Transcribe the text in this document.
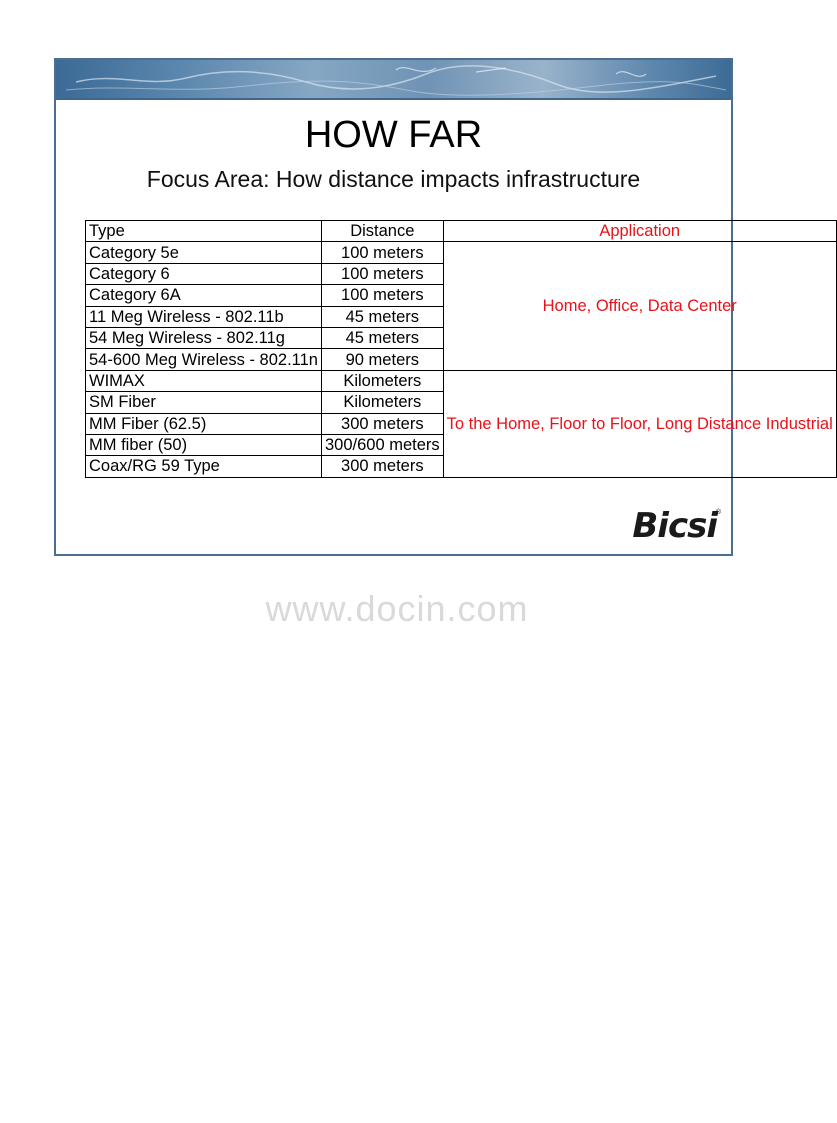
HOW FAR
Focus Area: How distance impacts infrastructure
Type	Distance	Application
Category 5e	100 meters	Home, Office, Data Center
Category 6	100 meters	
Category 6A	100 meters	
11 Meg Wireless - 802.11b	45 meters	
54 Meg Wireless - 802.11g	45 meters	
54-600 Meg Wireless - 802.11n	90 meters	
WIMAX	Kilometers	To the Home, Floor to Floor, Long Distance Industrial
SM Fiber	Kilometers	
MM Fiber (62.5)	300 meters	
MM fiber (50)	300/600 meters	
Coax/RG 59 Type	300 meters	
Bicsi
®
www.docin.com
